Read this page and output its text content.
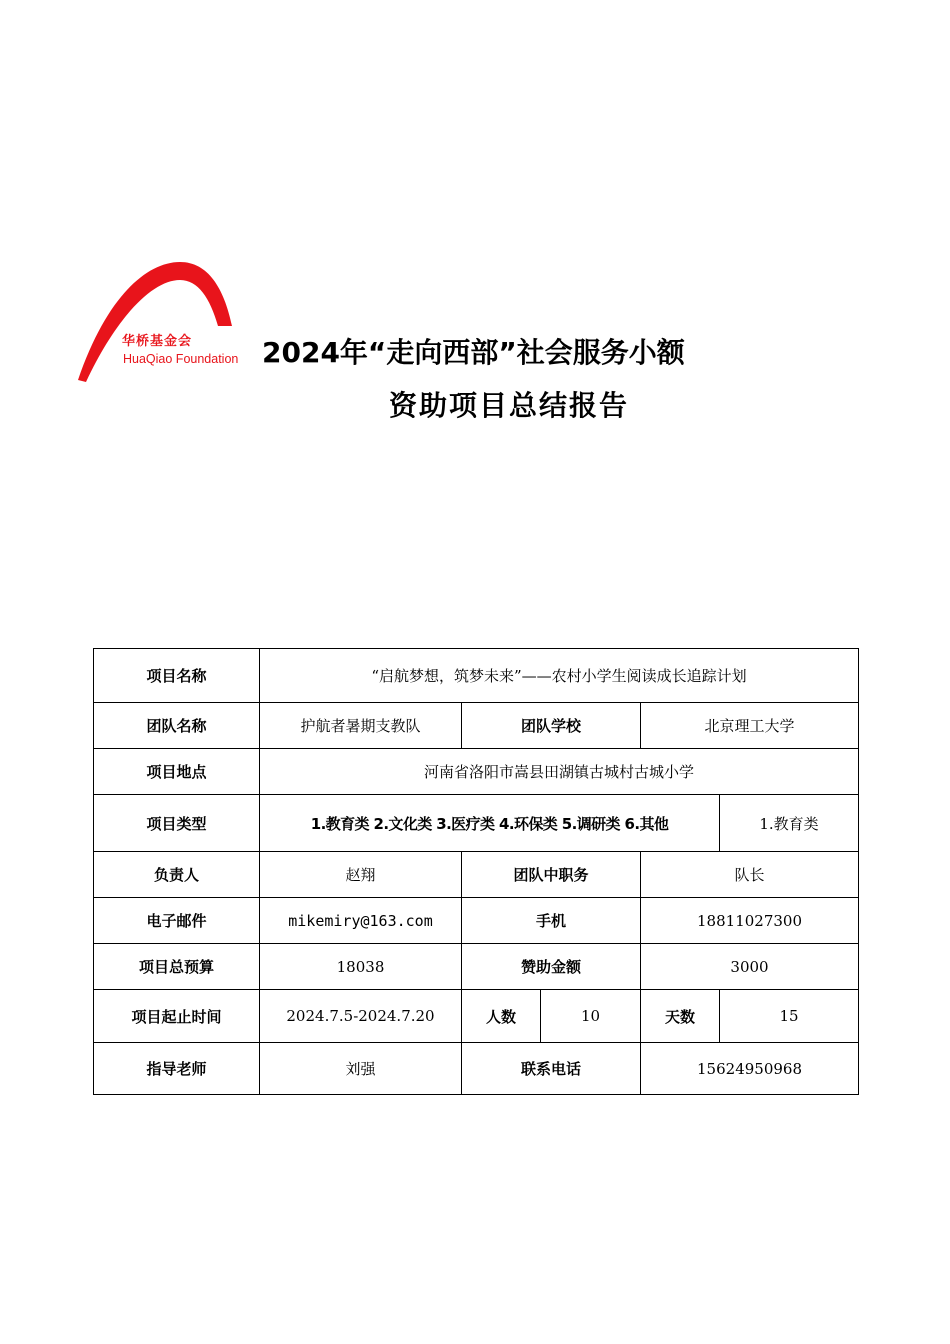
华桥基金会
HuaQiao Foundation 2024年“走向西部”社会服务小额
资助项目总结报告
项目名称	“启航梦想，筑梦未来”——农村小学生阅读成长追踪计划				
团队名称	护航者暑期支教队	团队学校		北京理工大学	
项目地点	河南省洛阳市嵩县田湖镇古城村古城小学				
项目类型	1.教育类 2.文化类 3.医疗类 4.环保类 5.调研类 6.其他				1.教育类
负责人	赵翔	团队中职务		队长	
电子邮件	mikemiry@163.com	手机		18811027300	
项目总预算	18038	赞助金额		3000	
项目起止时间	2024.7.5-2024.7.20	人数	10	天数	15
指导老师	刘强	联系电话		15624950968	
